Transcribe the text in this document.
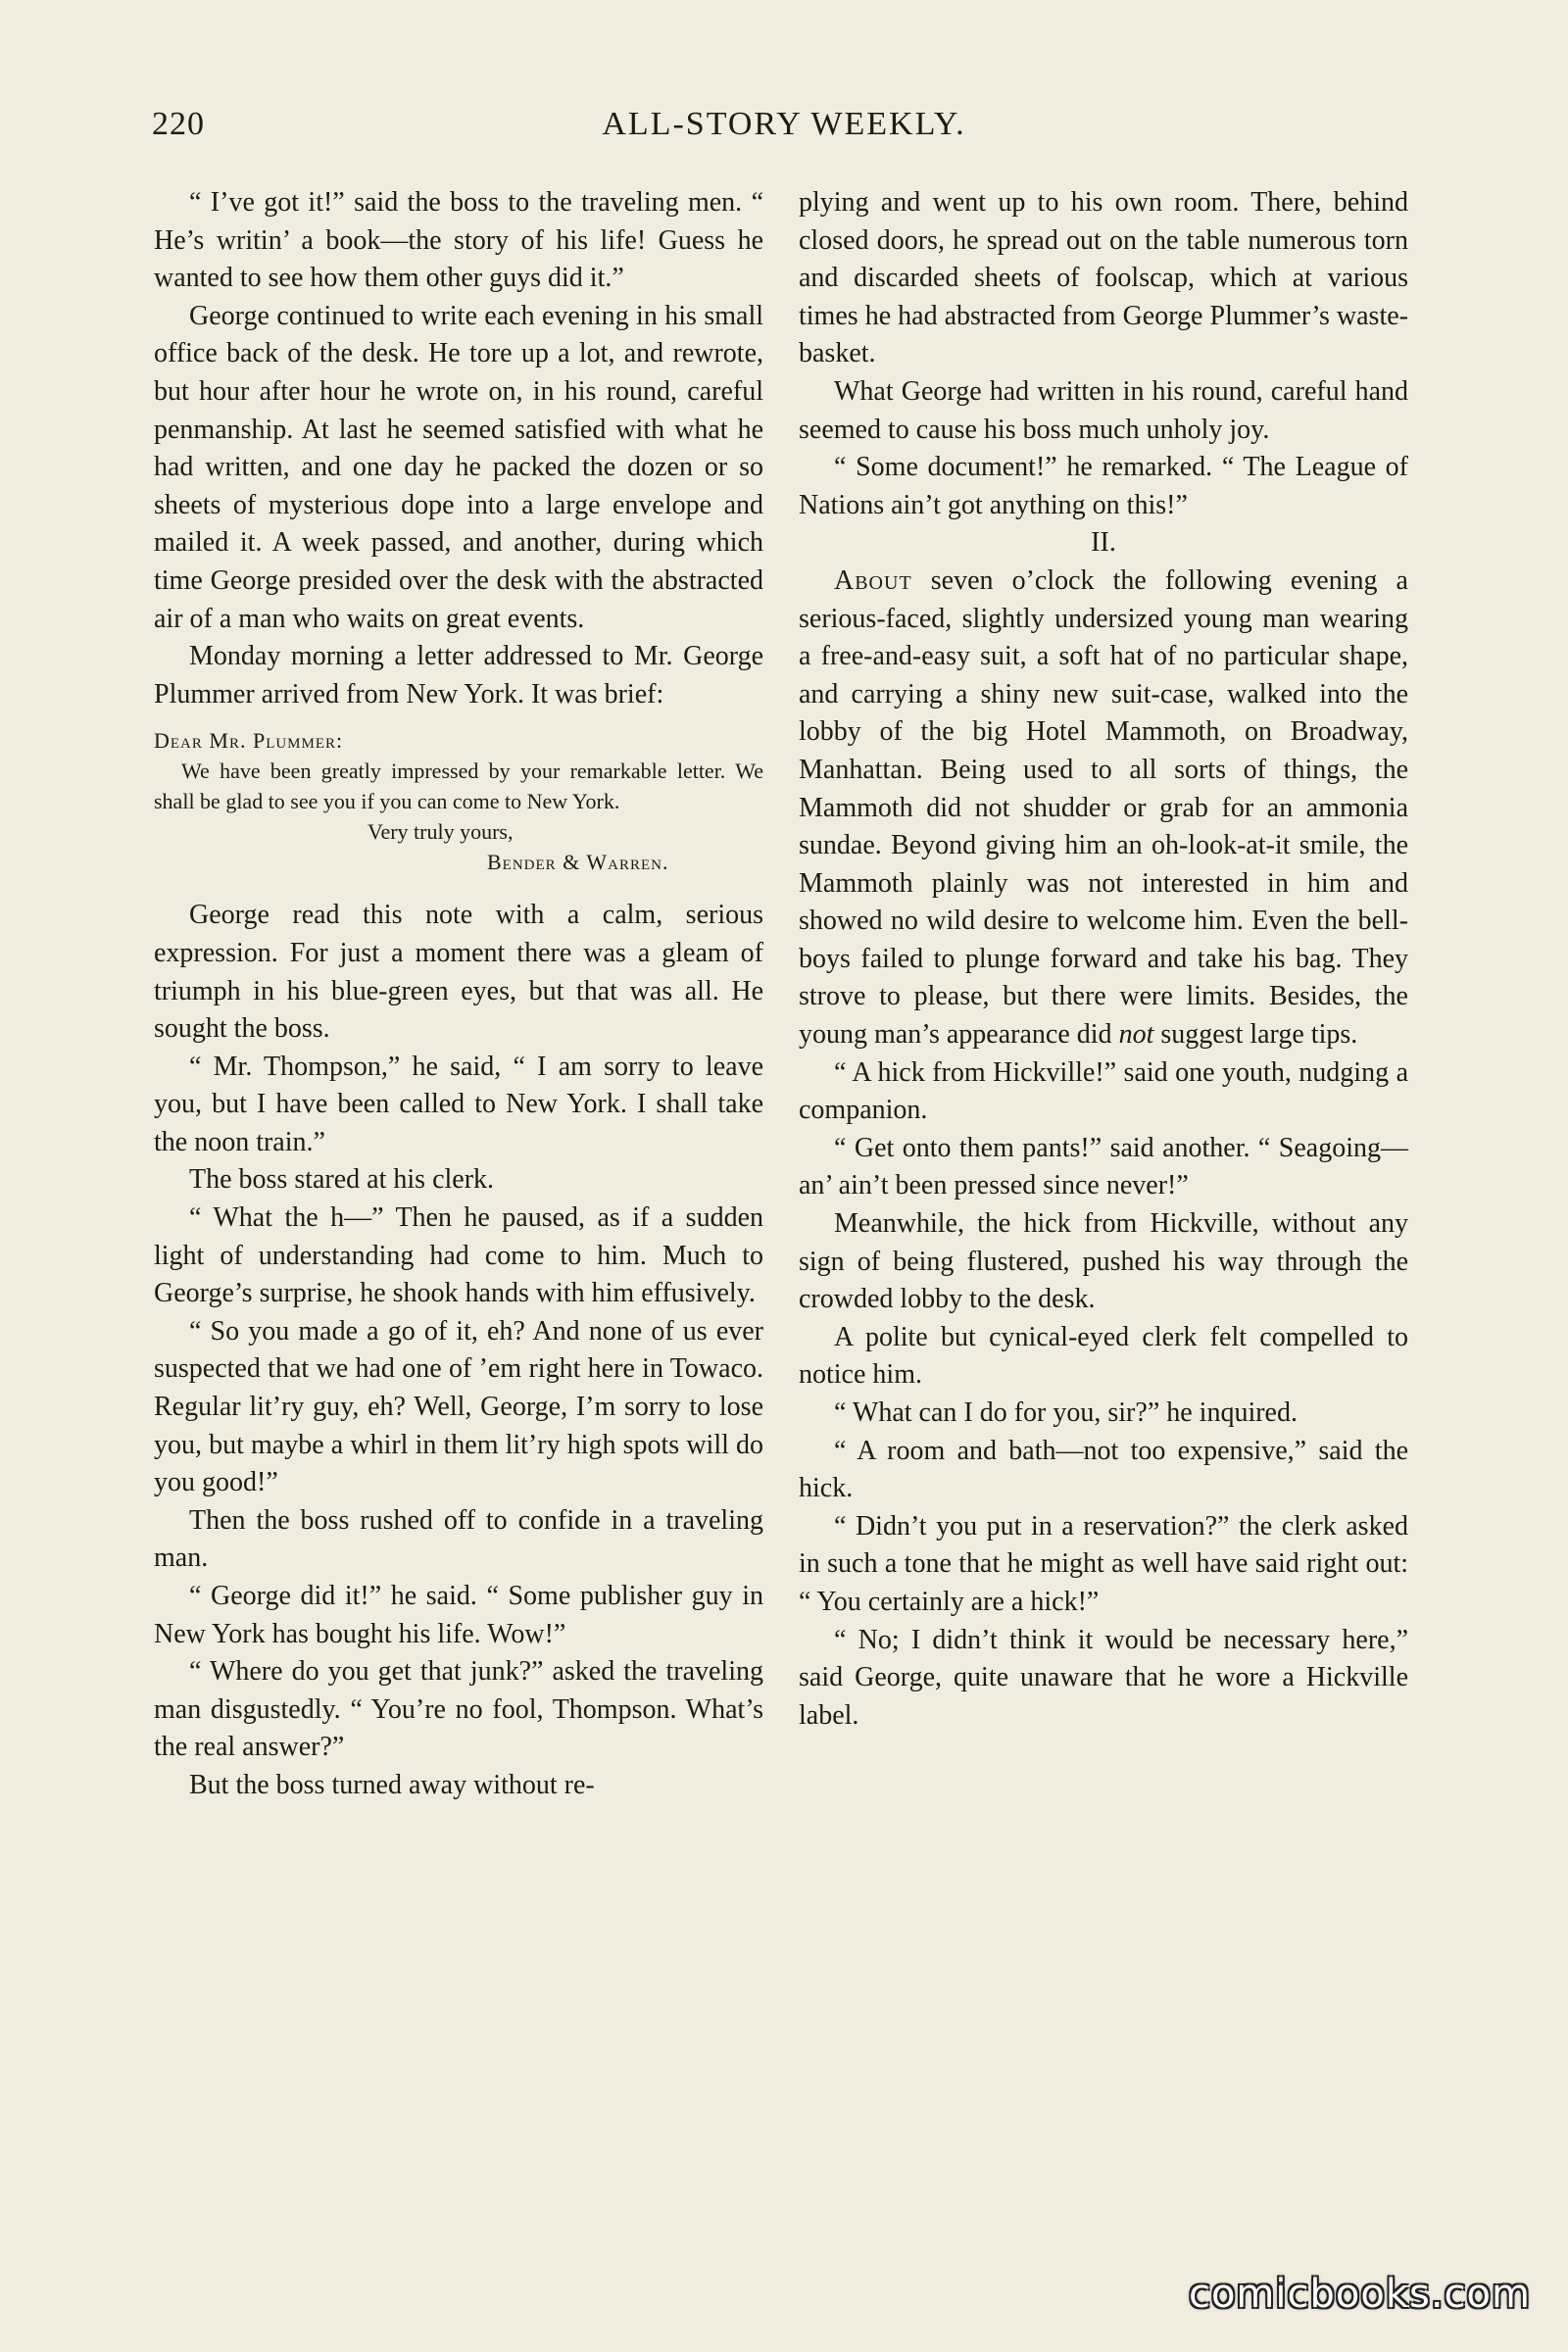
220	ALL-STORY WEEKLY.

“ I’ve got it!” said the boss to the traveling men. “ He’s writin’ a book—the story of his life! Guess he wanted to see how them other guys did it.”

George continued to write each evening in his small office back of the desk. He tore up a lot, and rewrote, but hour after hour he wrote on, in his round, careful penmanship. At last he seemed satisfied with what he had written, and one day he packed the dozen or so sheets of mysterious dope into a large envelope and mailed it. A week passed, and another, during which time George presided over the desk with the abstracted air of a man who waits on great events.

Monday morning a letter addressed to Mr. George Plummer arrived from New York. It was brief:

Dear Mr. Plummer:

We have been greatly impressed by your remarkable letter. We shall be glad to see you if you can come to New York.

Very truly yours,

Bender & Warren.

George read this note with a calm, serious expression. For just a moment there was a gleam of triumph in his blue-green eyes, but that was all. He sought the boss.

“ Mr. Thompson,” he said, “ I am sorry to leave you, but I have been called to New York. I shall take the noon train.”

The boss stared at his clerk.

“ What the h—” Then he paused, as if a sudden light of understanding had come to him. Much to George’s surprise, he shook hands with him effusively.

“ So you made a go of it, eh? And none of us ever suspected that we had one of ’em right here in Towaco. Regular lit’ry guy, eh? Well, George, I’m sorry to lose you, but maybe a whirl in them lit’ry high spots will do you good!”

Then the boss rushed off to confide in a traveling man.

“ George did it!” he said. “ Some publisher guy in New York has bought his life. Wow!”

“ Where do you get that junk?” asked the traveling man disgustedly. “ You’re no fool, Thompson. What’s the real answer?”

But the boss turned away without re-

plying and went up to his own room. There, behind closed doors, he spread out on the table numerous torn and discarded sheets of foolscap, which at various times he had abstracted from George Plummer’s waste-basket.

What George had written in his round, careful hand seemed to cause his boss much unholy joy.

“ Some document!” he remarked. “ The League of Nations ain’t got anything on this!”

II.

About seven o’clock the following evening a serious-faced, slightly undersized young man wearing a free-and-easy suit, a soft hat of no particular shape, and carrying a shiny new suit-case, walked into the lobby of the big Hotel Mammoth, on Broadway, Manhattan. Being used to all sorts of things, the Mammoth did not shudder or grab for an ammonia sundae. Beyond giving him an oh-look-at-it smile, the Mammoth plainly was not interested in him and showed no wild desire to welcome him. Even the bell-boys failed to plunge forward and take his bag. They strove to please, but there were limits. Besides, the young man’s appearance did not suggest large tips.

“ A hick from Hickville!” said one youth, nudging a companion.

“ Get onto them pants!” said another. “ Seagoing—an’ ain’t been pressed since never!”

Meanwhile, the hick from Hickville, without any sign of being flustered, pushed his way through the crowded lobby to the desk.

A polite but cynical-eyed clerk felt compelled to notice him.

“ What can I do for you, sir?” he inquired.

“ A room and bath—not too expensive,” said the hick.

“ Didn’t you put in a reservation?” the clerk asked in such a tone that he might as well have said right out: “ You certainly are a hick!”

“ No; I didn’t think it would be necessary here,” said George, quite unaware that he wore a Hickville label.

comicbooks.com
